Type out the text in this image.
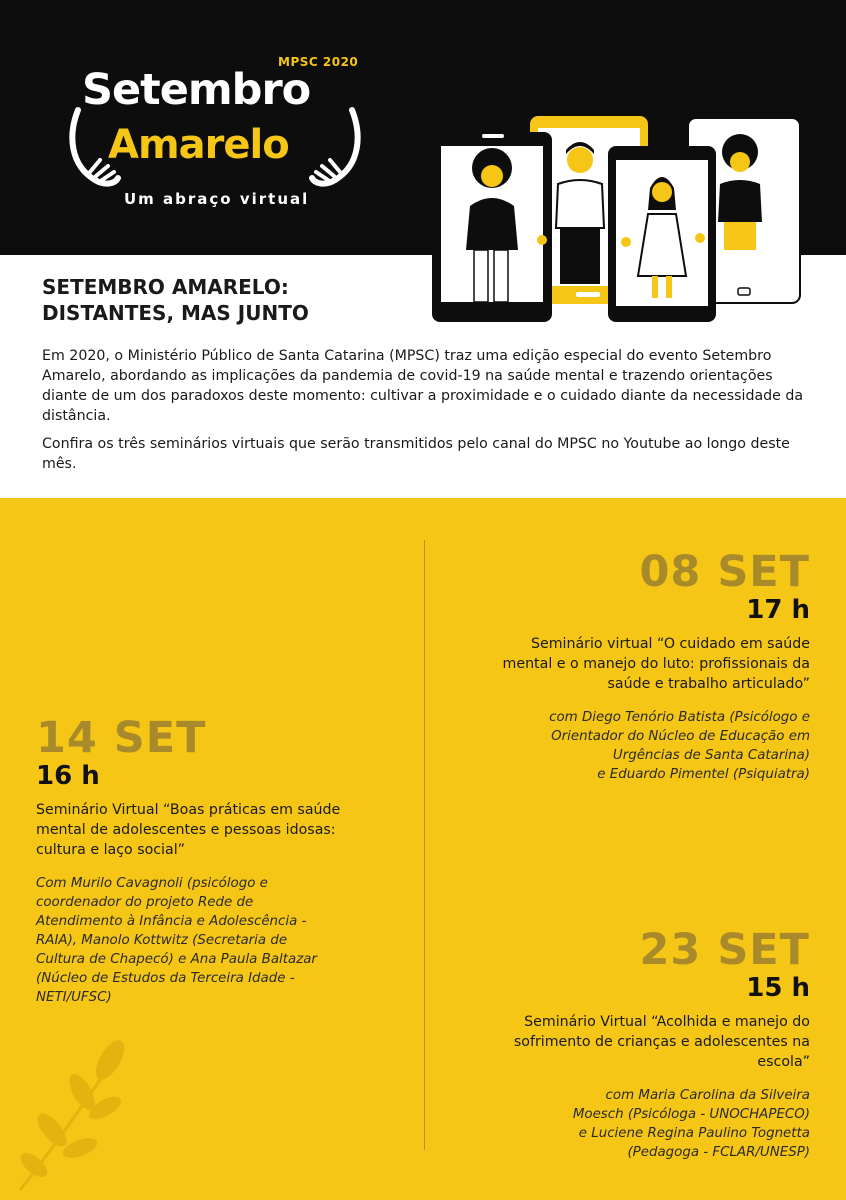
MPSC 2020
Setembro
Amarelo
Um abraço virtual
SETEMBRO AMARELO:
DISTANTES, MAS JUNTO

Em 2020, o Ministério Público de Santa Catarina (MPSC) traz uma edição especial do evento Setembro Amarelo, abordando as implicações da pandemia de covid-19 na saúde mental e trazendo orientações diante de um dos paradoxos deste momento: cultivar a proximidade e o cuidado diante da necessidade da distância.

Confira os três seminários virtuais que serão transmitidos pelo canal do MPSC no Youtube ao longo deste mês.

08 SET
17 h
Seminário virtual “O cuidado em saúde
mental e o manejo do luto: profissionais da
saúde e trabalho articulado”
com Diego Tenório Batista (Psicólogo e
Orientador do Núcleo de Educação em
Urgências de Santa Catarina)
e Eduardo Pimentel (Psiquiatra)
14 SET
16 h
Seminário Virtual “Boas práticas em saúde
mental de adolescentes e pessoas idosas:
cultura e laço social”
Com Murilo Cavagnoli (psicólogo e
coordenador do projeto Rede de
Atendimento à Infância e Adolescência -
RAIA), Manolo Kottwitz (Secretaria de
Cultura de Chapecó) e Ana Paula Baltazar
(Núcleo de Estudos da Terceira Idade -
NETI/UFSC)
23 SET
15 h
Seminário Virtual “Acolhida e manejo do
sofrimento de crianças e adolescentes na
escola”
com Maria Carolina da Silveira
Moesch (Psicóloga - UNOCHAPECO)
e Luciene Regina Paulino Tognetta
(Pedagoga - FCLAR/UNESP)
